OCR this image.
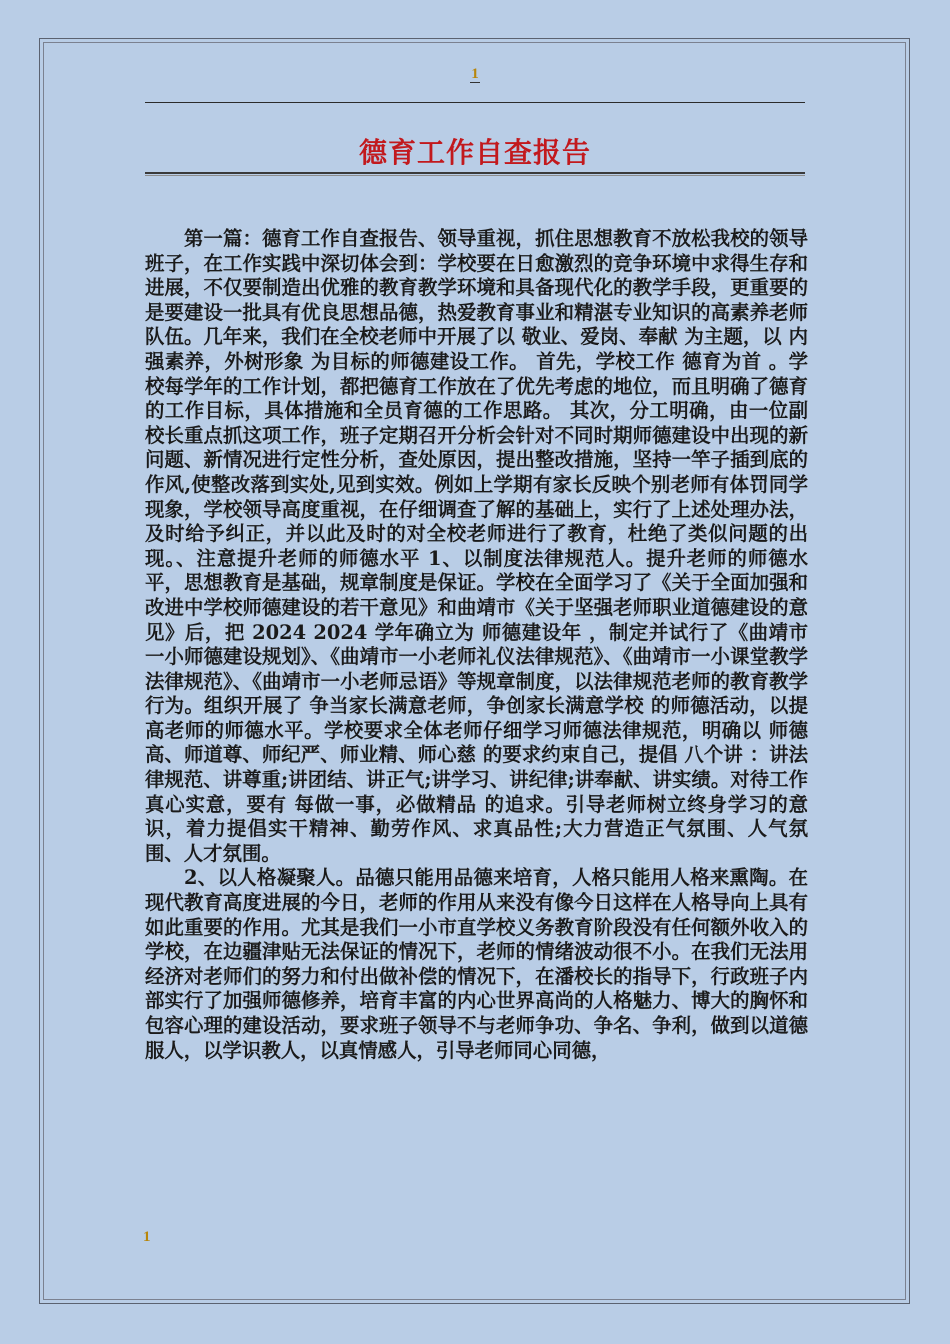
1
德育工作自查报告

第一篇：德育工作自查报告、领导重视，抓住思想教育不放松我校的领导班子，在工作实践中深切体会到：学校要在日愈激烈的竞争环境中求得生存和进展，不仅要制造出优雅的教育教学环境和具备现代化的教学手段，更重要的是要建设一批具有优良思想品德，热爱教育事业和精湛专业知识的高素养老师队伍。几年来，我们在全校老师中开展了以 敬业、爱岗、奉献 为主题，以 内强素养，外树形象 为目标的师德建设工作。 首先，学校工作 德育为首 。学校每学年的工作计划，都把德育工作放在了优先考虑的地位，而且明确了德育的工作目标，具体措施和全员育德的工作思路。 其次，分工明确，由一位副校长重点抓这项工作，班子定期召开分析会针对不同时期师德建设中出现的新问题、新情况进行定性分析，查处原因，提出整改措施，坚持一竿子插到底的作风,使整改落到实处,见到实效。例如上学期有家长反映个别老师有体罚同学现象，学校领导高度重视，在仔细调查了解的基础上，实行了上述处理办法，及时给予纠正，并以此及时的对全校老师进行了教育，杜绝了类似问题的出现。、注意提升老师的师德水平 1、以制度法律规范人。提升老师的师德水平，思想教育是基础，规章制度是保证。学校在全面学习了《关于全面加强和改进中学校师德建设的若干意见》和曲靖市《关于坚强老师职业道德建设的意见》后，把 2024 2024 学年确立为 师德建设年 ，制定并试行了《曲靖市一小师德建设规划》、《曲靖市一小老师礼仪法律规范》、《曲靖市一小课堂教学法律规范》、《曲靖市一小老师忌语》等规章制度，以法律规范老师的教育教学行为。组织开展了 争当家长满意老师，争创家长满意学校 的师德活动，以提高老师的师德水平。学校要求全体老师仔细学习师德法律规范，明确以 师德高、师道尊、师纪严、师业精、师心慈 的要求约束自己，提倡 八个讲 ：讲法律规范、讲尊重;讲团结、讲正气;讲学习、讲纪律;讲奉献、讲实绩。对待工作真心实意，要有 每做一事，必做精品 的追求。引导老师树立终身学习的意识，着力提倡实干精神、勤劳作风、求真品性;大力营造正气氛围、人气氛围、人才氛围。

2、以人格凝聚人。品德只能用品德来培育，人格只能用人格来熏陶。在现代教育高度进展的今日，老师的作用从来没有像今日这样在人格导向上具有如此重要的作用。尤其是我们一小市直学校义务教育阶段没有任何额外收入的学校，在边疆津贴无法保证的情况下，老师的情绪波动很不小。在我们无法用经济对老师们的努力和付出做补偿的情况下，在潘校长的指导下，行政班子内部实行了加强师德修养，培育丰富的内心世界高尚的人格魅力、博大的胸怀和包容心理的建设活动，要求班子领导不与老师争功、争名、争利，做到以道德服人，以学识教人，以真情感人，引导老师同心同德，

1
